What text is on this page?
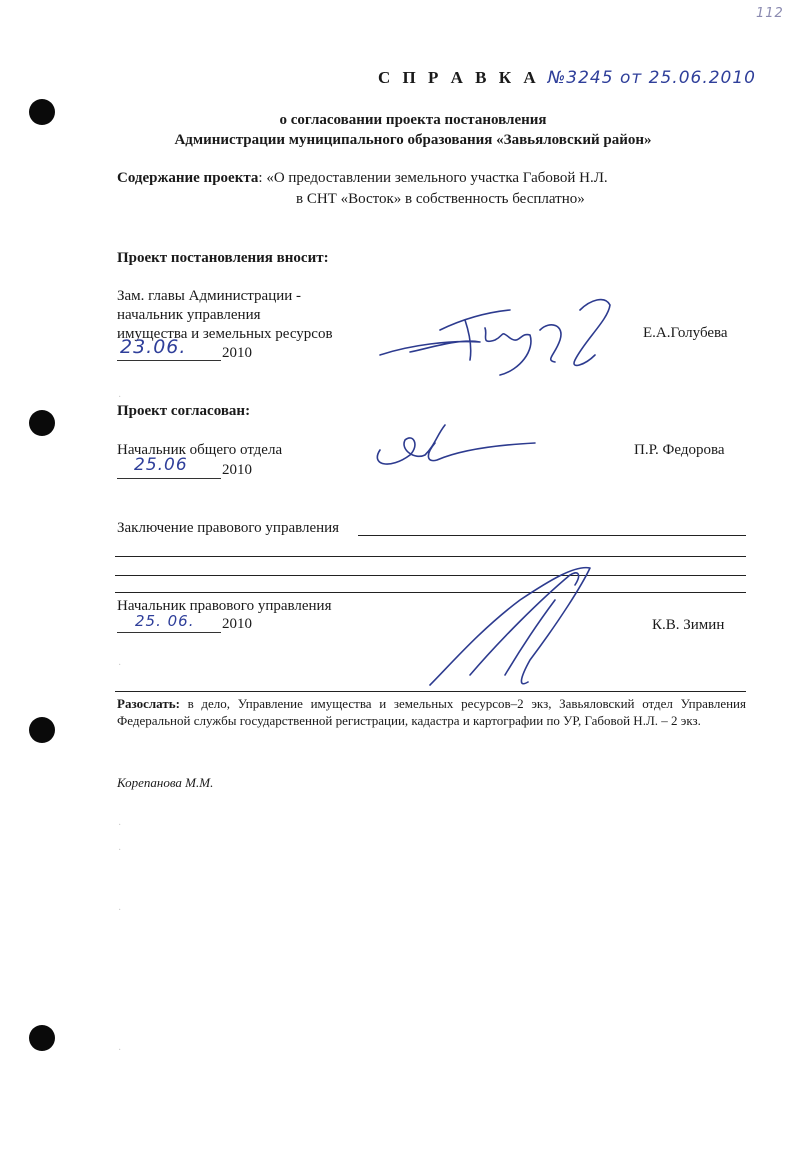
112
С П Р А В К А №3245 от 25.06.2010
о согласовании проекта постановления
Администрации муниципального образования «Завьяловский район»
Содержание проекта: «О предоставлении земельного участка Габовой Н.Л.
в СНТ «Восток» в собственность бесплатно»
Проект постановления вносит:
Зам. главы Администрации -
начальник управления
имущества и земельных ресурсов
23.06. 2010
Е.А.Голубева
Проект согласован:
Начальник общего отдела
25.06 2010
П.Р. Федорова
Заключение правового управления
Начальник правового управления
25. 06. 2010	К.В. Зимин
Разослать: в дело, Управление имущества и земельных ресурсов–2 экз, Завьяловский отдел Управления Федеральной службы государственной регистрации, кадастра и картографии по УР, Габовой Н.Л. – 2 экз.
Корепанова М.М.
·
·
·
·
·
·
